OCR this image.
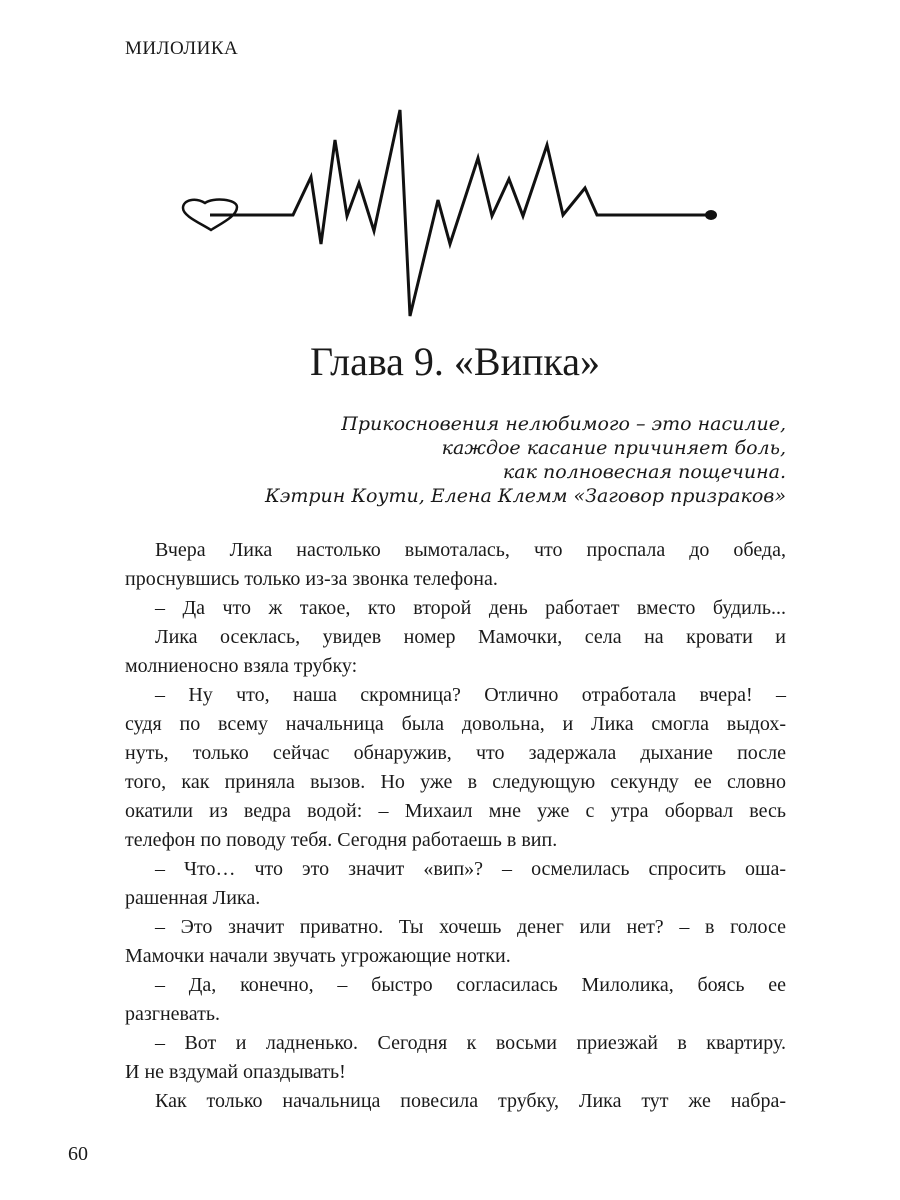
МИЛОЛИКА
Глава 9. «Випка»
Прикосновения нелюбимого – это насилие,
каждое касание причиняет боль,
как полновесная пощечина.
Кэтрин Коути, Елена Клемм «Заговор призраков»
Вчера Лика настолько вымоталась, что проспала до обеда,
проснувшись только из-за звонка телефона.
– Да что ж такое, кто второй день работает вместо будиль...
Лика осеклась, увидев номер Мамочки, села на кровати и
молниеносно взяла трубку:
– Ну что, наша скромница? Отлично отработала вчера! –
судя по всему начальница была довольна, и Лика смогла выдох-
нуть, только сейчас обнаружив, что задержала дыхание после
того, как приняла вызов. Но уже в следующую секунду ее словно
окатили из ведра водой: – Михаил мне уже с утра оборвал весь
телефон по поводу тебя. Сегодня работаешь в вип.
– Что… что это значит «вип»? – осмелилась спросить оша-
рашенная Лика.
– Это значит приватно. Ты хочешь денег или нет? – в голосе
Мамочки начали звучать угрожающие нотки.
– Да, конечно, – быстро согласилась Милолика, боясь ее
разгневать.
– Вот и ладненько. Сегодня к восьми приезжай в квартиру.
И не вздумай опаздывать!
Как только начальница повесила трубку, Лика тут же набра-
60
